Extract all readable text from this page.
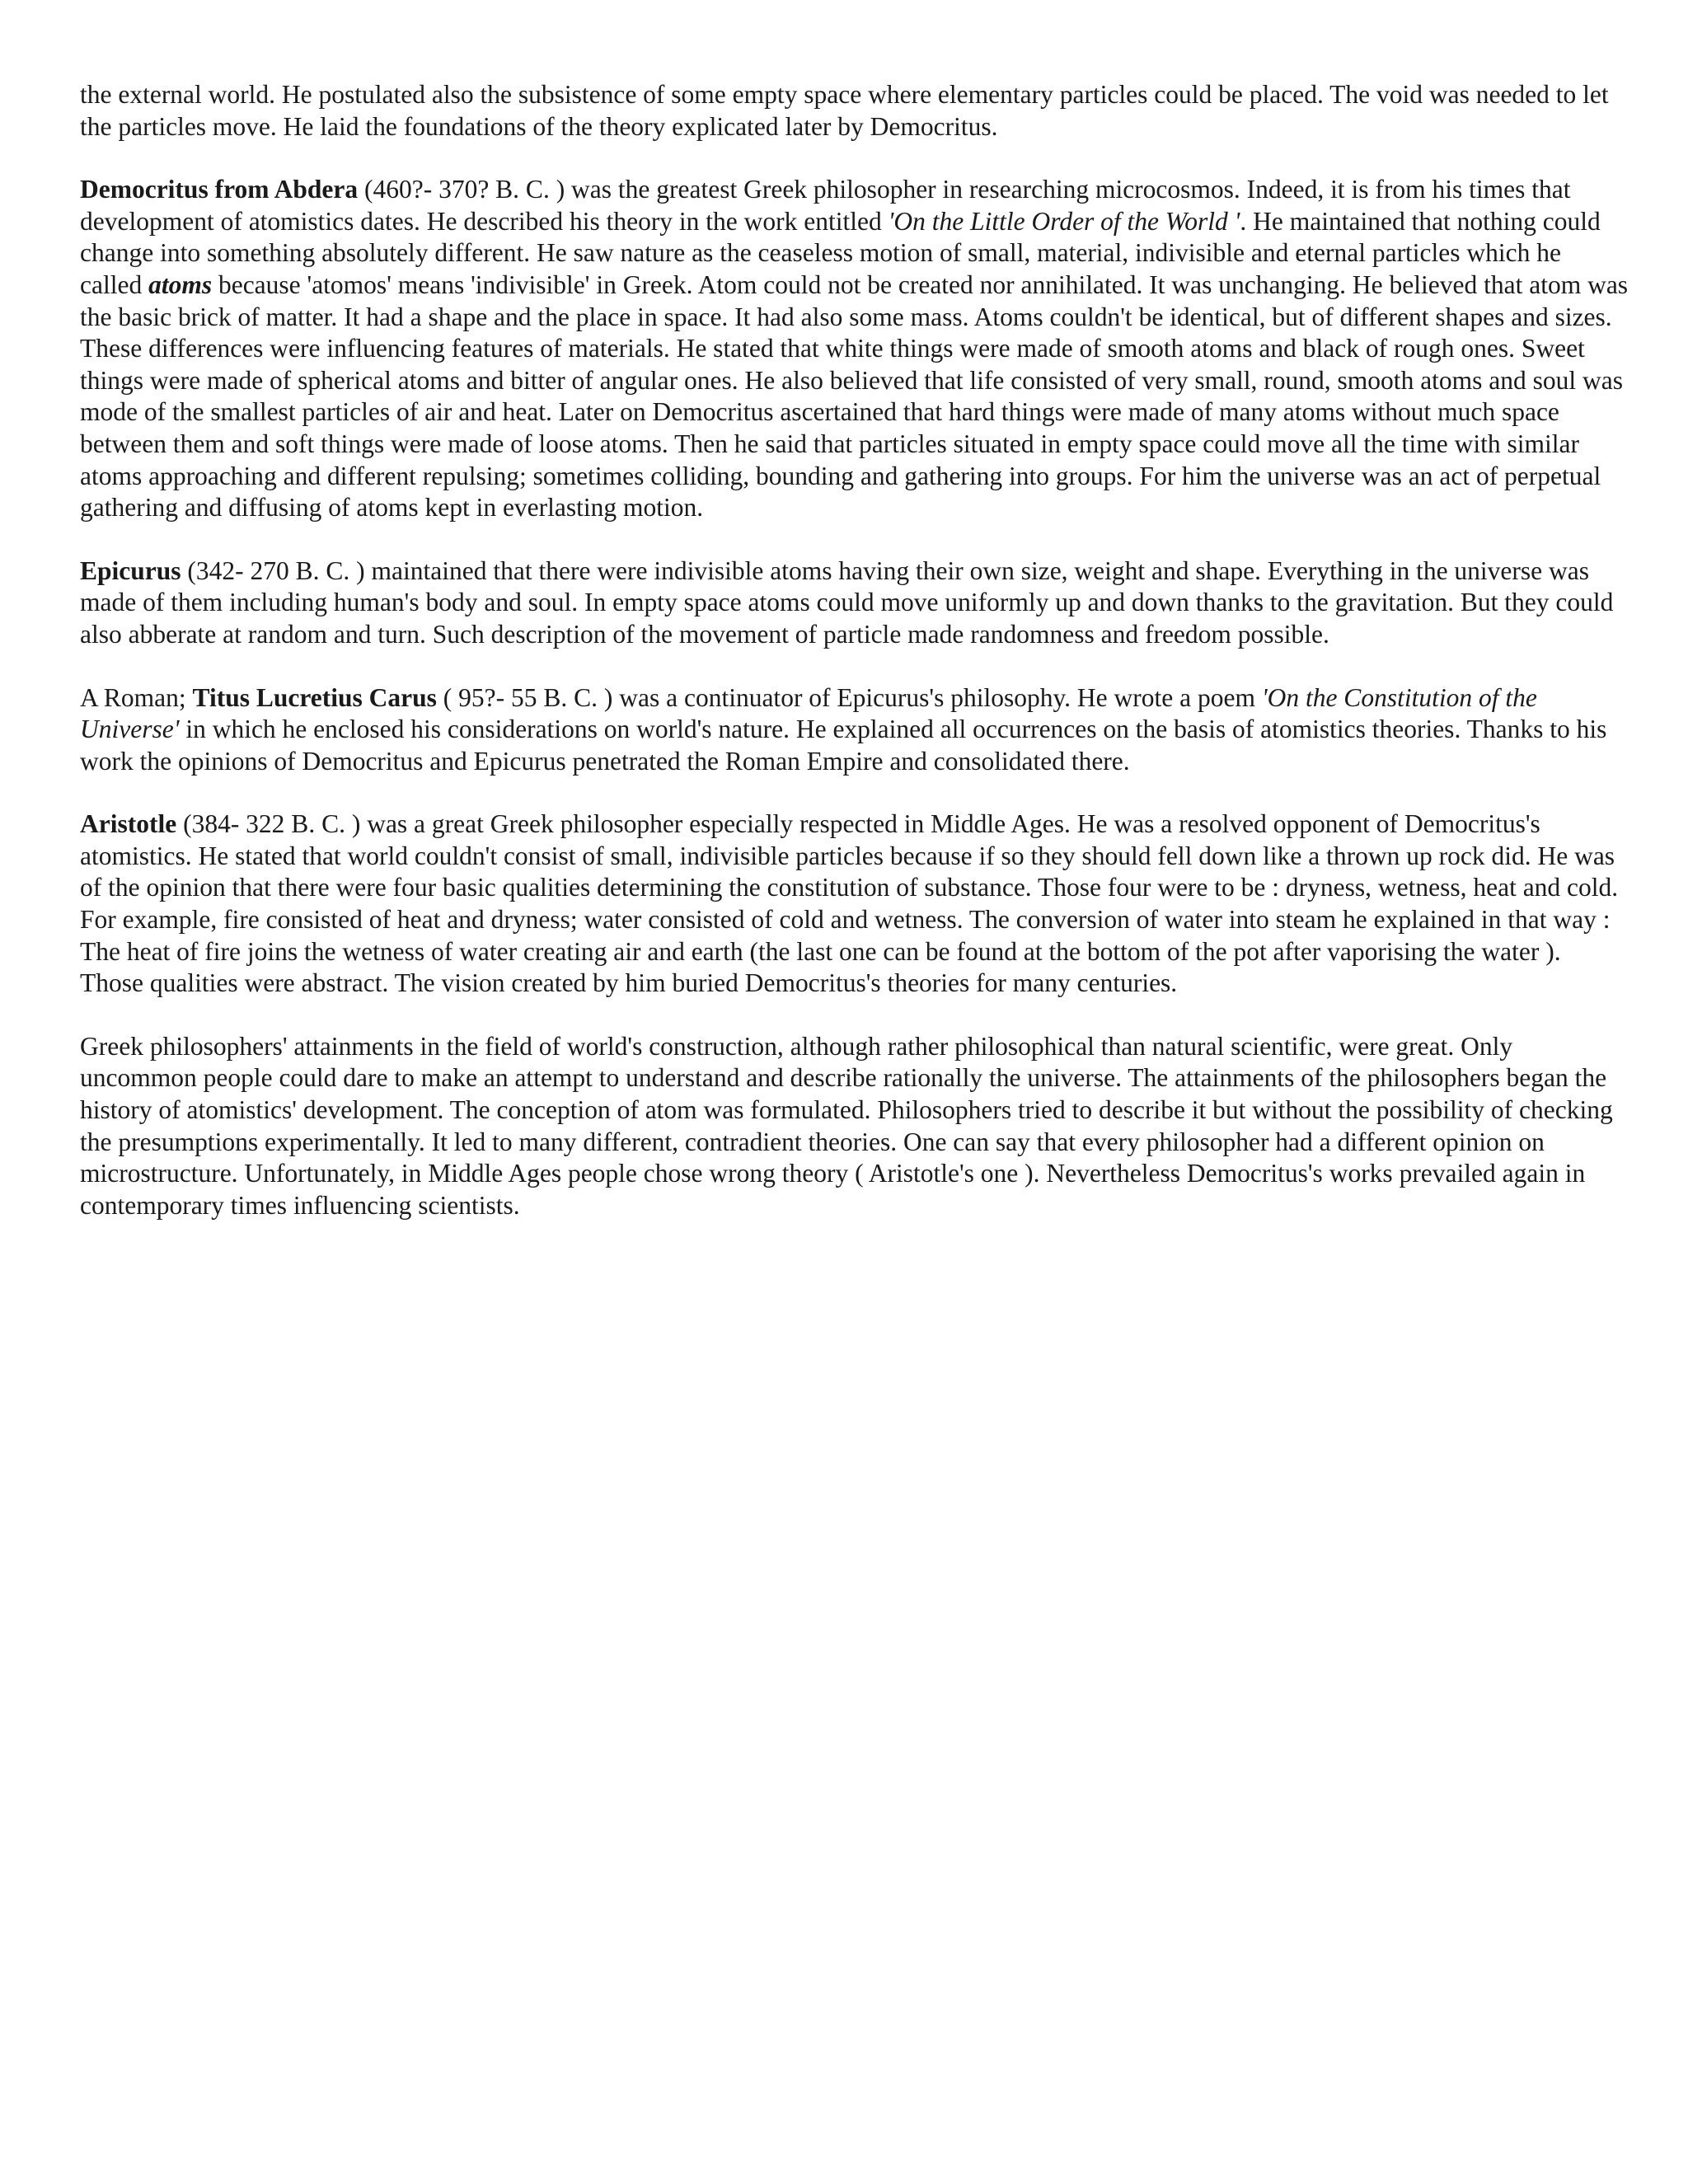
the external world. He postulated also the subsistence of some empty space where elementary particles could be placed. The void was needed to let the particles move. He laid the foundations of the theory explicated later by Democritus.

Democritus from Abdera (460?- 370? B. C. ) was the greatest Greek philosopher in researching microcosmos. Indeed, it is from his times that development of atomistics dates. He described his theory in the work entitled 'On the Little Order of the World '. He maintained that nothing could change into something absolutely different. He saw nature as the ceaseless motion of small, material, indivisible and eternal particles which he called atoms because 'atomos' means 'indivisible' in Greek. Atom could not be created nor annihilated. It was unchanging. He believed that atom was the basic brick of matter. It had a shape and the place in space. It had also some mass. Atoms couldn't be identical, but of different shapes and sizes. These differences were influencing features of materials. He stated that white things were made of smooth atoms and black of rough ones. Sweet things were made of spherical atoms and bitter of angular ones. He also believed that life consisted of very small, round, smooth atoms and soul was mode of the smallest particles of air and heat. Later on Democritus ascertained that hard things were made of many atoms without much space between them and soft things were made of loose atoms. Then he said that particles situated in empty space could move all the time with similar atoms approaching and different repulsing; sometimes colliding, bounding and gathering into groups. For him the universe was an act of perpetual gathering and diffusing of atoms kept in everlasting motion.

Epicurus (342- 270 B. C. ) maintained that there were indivisible atoms having their own size, weight and shape. Everything in the universe was made of them including human's body and soul. In empty space atoms could move uniformly up and down thanks to the gravitation. But they could also abberate at random and turn. Such description of the movement of particle made randomness and freedom possible.

A Roman; Titus Lucretius Carus ( 95?- 55 B. C. ) was a continuator of Epicurus's philosophy. He wrote a poem 'On the Constitution of the Universe' in which he enclosed his considerations on world's nature. He explained all occurrences on the basis of atomistics theories. Thanks to his work the opinions of Democritus and Epicurus penetrated the Roman Empire and consolidated there.

Aristotle (384- 322 B. C. ) was a great Greek philosopher especially respected in Middle Ages. He was a resolved opponent of Democritus's atomistics. He stated that world couldn't consist of small, indivisible particles because if so they should fell down like a thrown up rock did. He was of the opinion that there were four basic qualities determining the constitution of substance. Those four were to be : dryness, wetness, heat and cold. For example, fire consisted of heat and dryness; water consisted of cold and wetness. The conversion of water into steam he explained in that way : The heat of fire joins the wetness of water creating air and earth (the last one can be found at the bottom of the pot after vaporising the water ). Those qualities were abstract. The vision created by him buried Democritus's theories for many centuries.

Greek philosophers' attainments in the field of world's construction, although rather philosophical than natural scientific, were great. Only uncommon people could dare to make an attempt to understand and describe rationally the universe. The attainments of the philosophers began the history of atomistics' development. The conception of atom was formulated. Philosophers tried to describe it but without the possibility of checking the presumptions experimentally. It led to many different, contradient theories. One can say that every philosopher had a different opinion on microstructure. Unfortunately, in Middle Ages people chose wrong theory ( Aristotle's one ). Nevertheless Democritus's works prevailed again in contemporary times influencing scientists.
